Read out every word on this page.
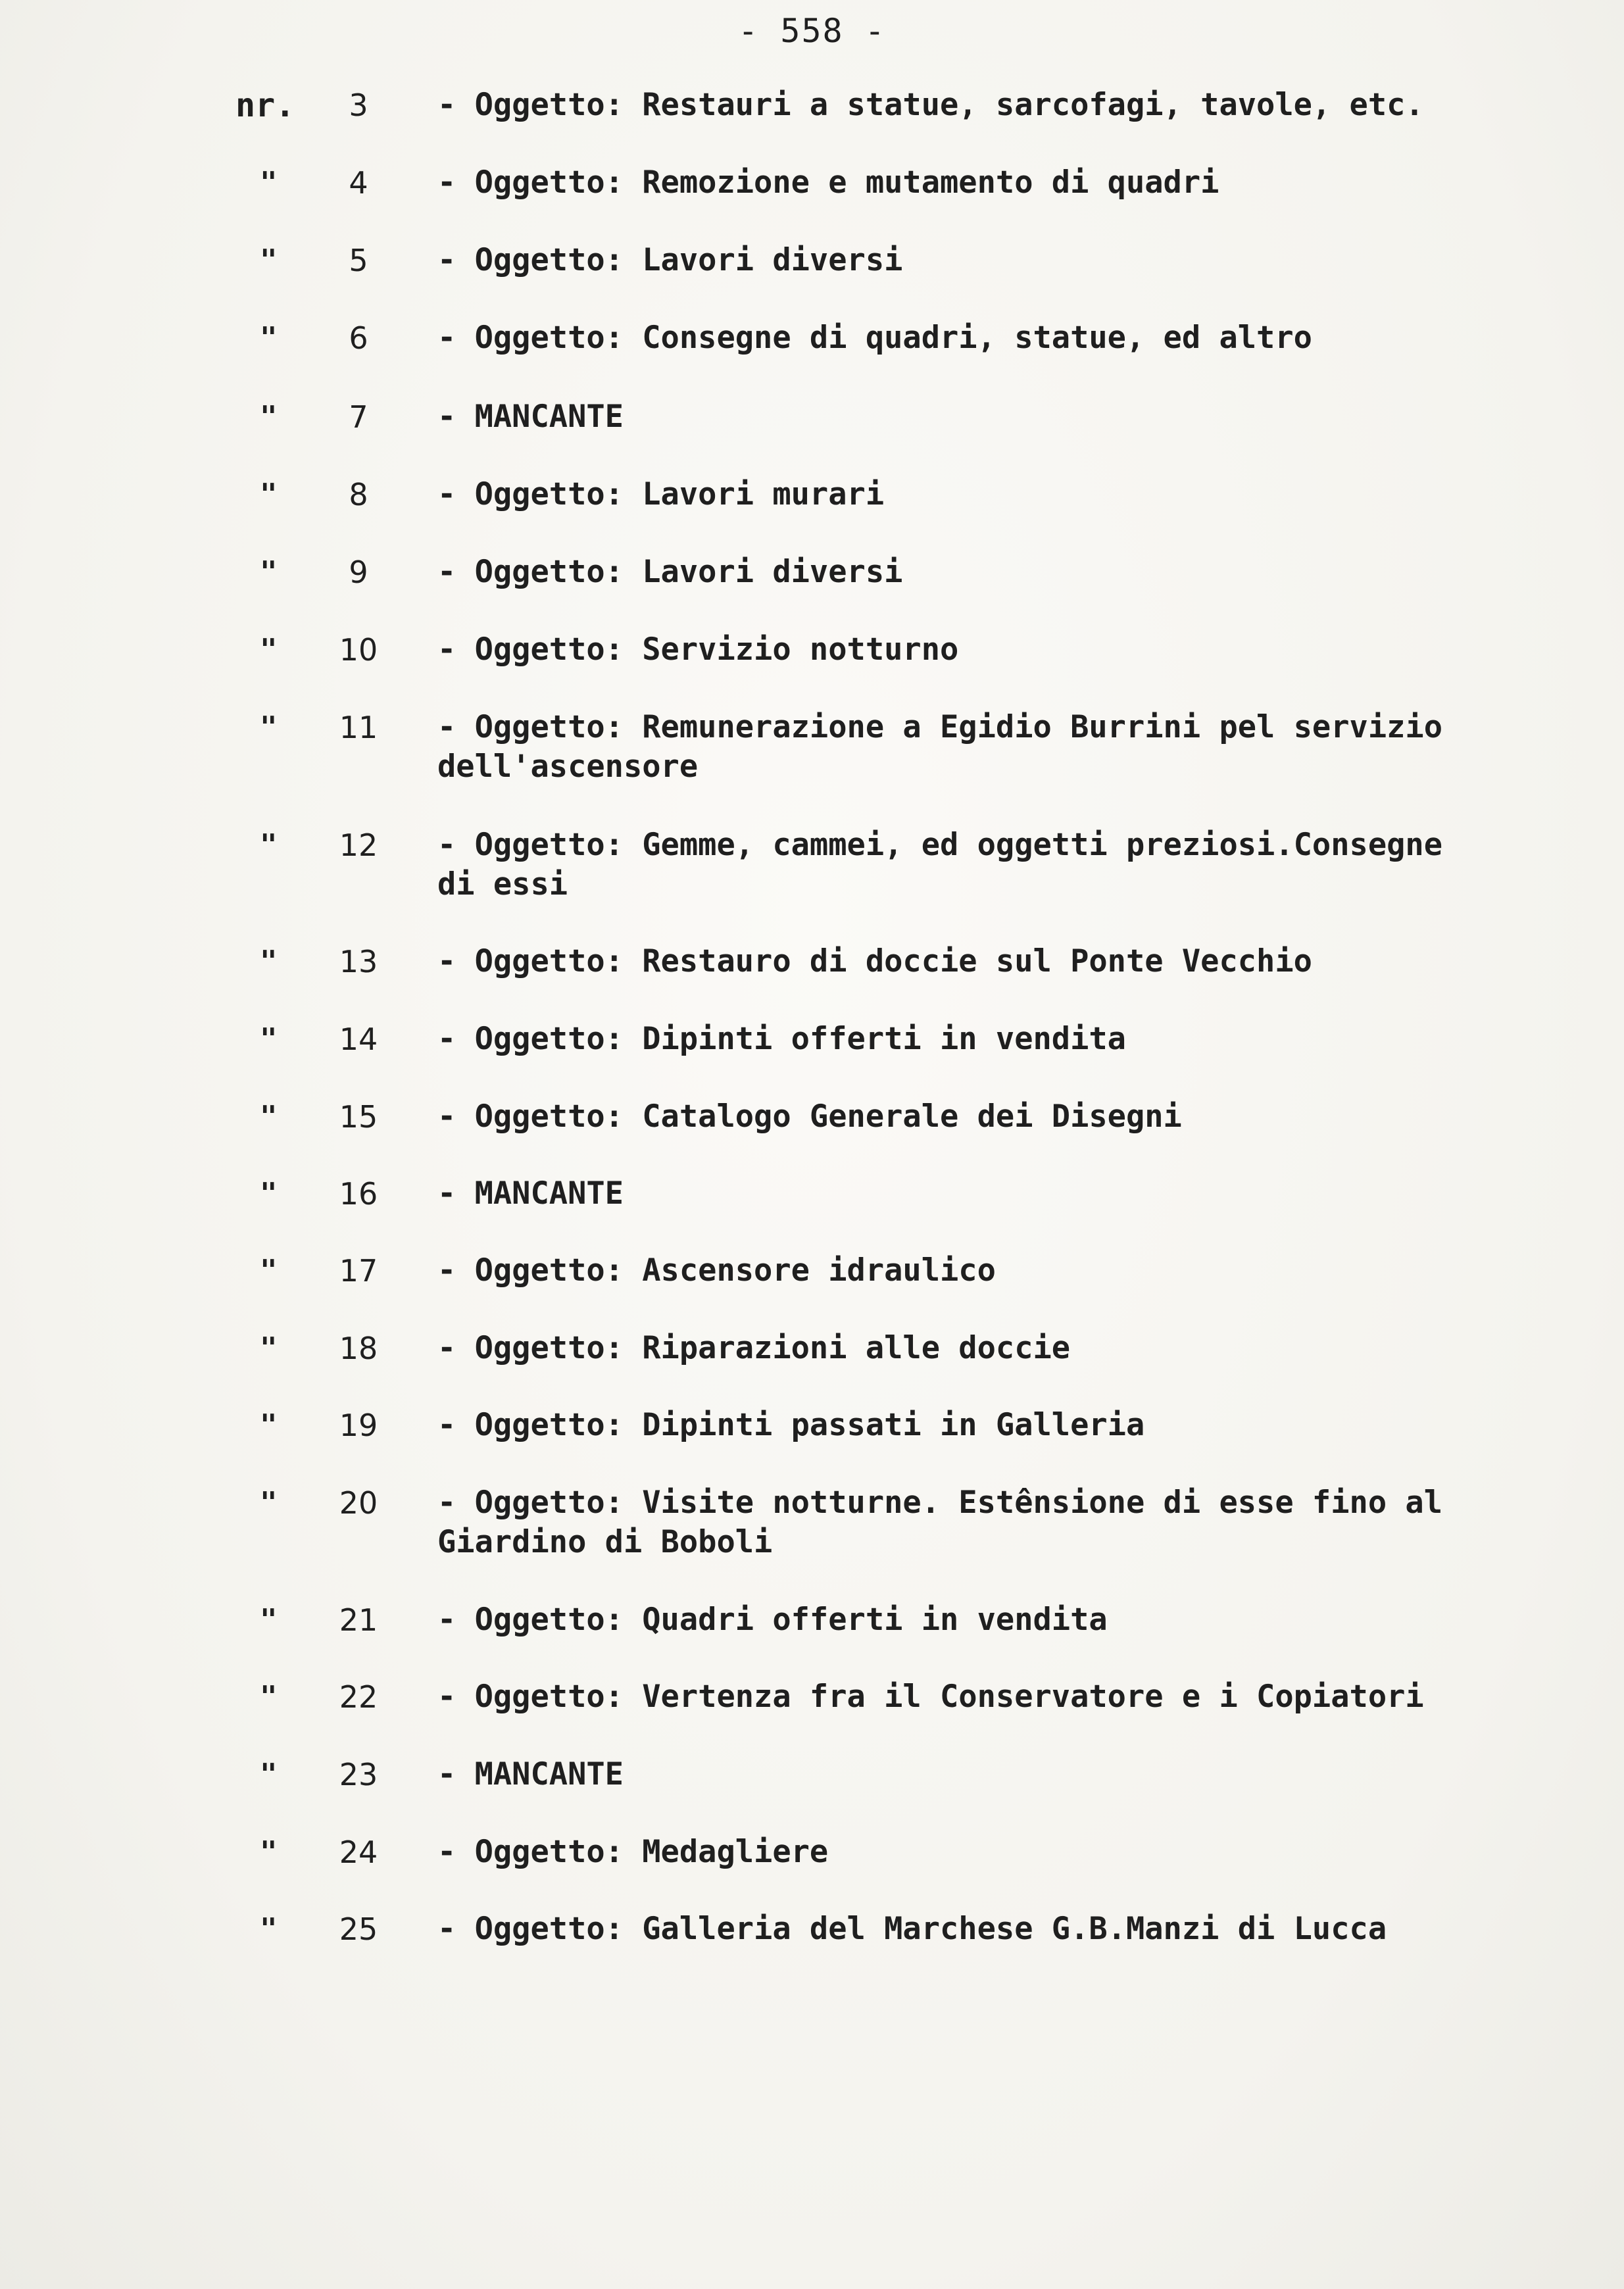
- 558 -
nr.	3	- Oggetto: Restauri a statue, sarcofagi, tavole, etc.
"	4	- Oggetto: Remozione e mutamento di quadri
"	5	- Oggetto: Lavori diversi
"	6	- Oggetto: Consegne di quadri, statue, ed altro
"	7	- MANCANTE
"	8	- Oggetto: Lavori murari
"	9	- Oggetto: Lavori diversi
"	10	- Oggetto: Servizio notturno
"	11	- Oggetto: Remunerazione a Egidio Burrini pel servizio
dell'ascensore
"	12	- Oggetto: Gemme, cammei, ed oggetti preziosi.Consegne
di essi
"	13	- Oggetto: Restauro di doccie sul Ponte Vecchio
"	14	- Oggetto: Dipinti offerti in vendita
"	15	- Oggetto: Catalogo Generale dei Disegni
"	16	- MANCANTE
"	17	- Oggetto: Ascensore idraulico
"	18	- Oggetto: Riparazioni alle doccie
"	19	- Oggetto: Dipinti passati in Galleria
"	20	- Oggetto: Visite notturne. Estênsione di esse fino al
Giardino di Boboli
"	21	- Oggetto: Quadri offerti in vendita
"	22	- Oggetto: Vertenza fra il Conservatore e i Copiatori
"	23	- MANCANTE
"	24	- Oggetto: Medagliere
"	25	- Oggetto: Galleria del Marchese G.B.Manzi di Lucca
